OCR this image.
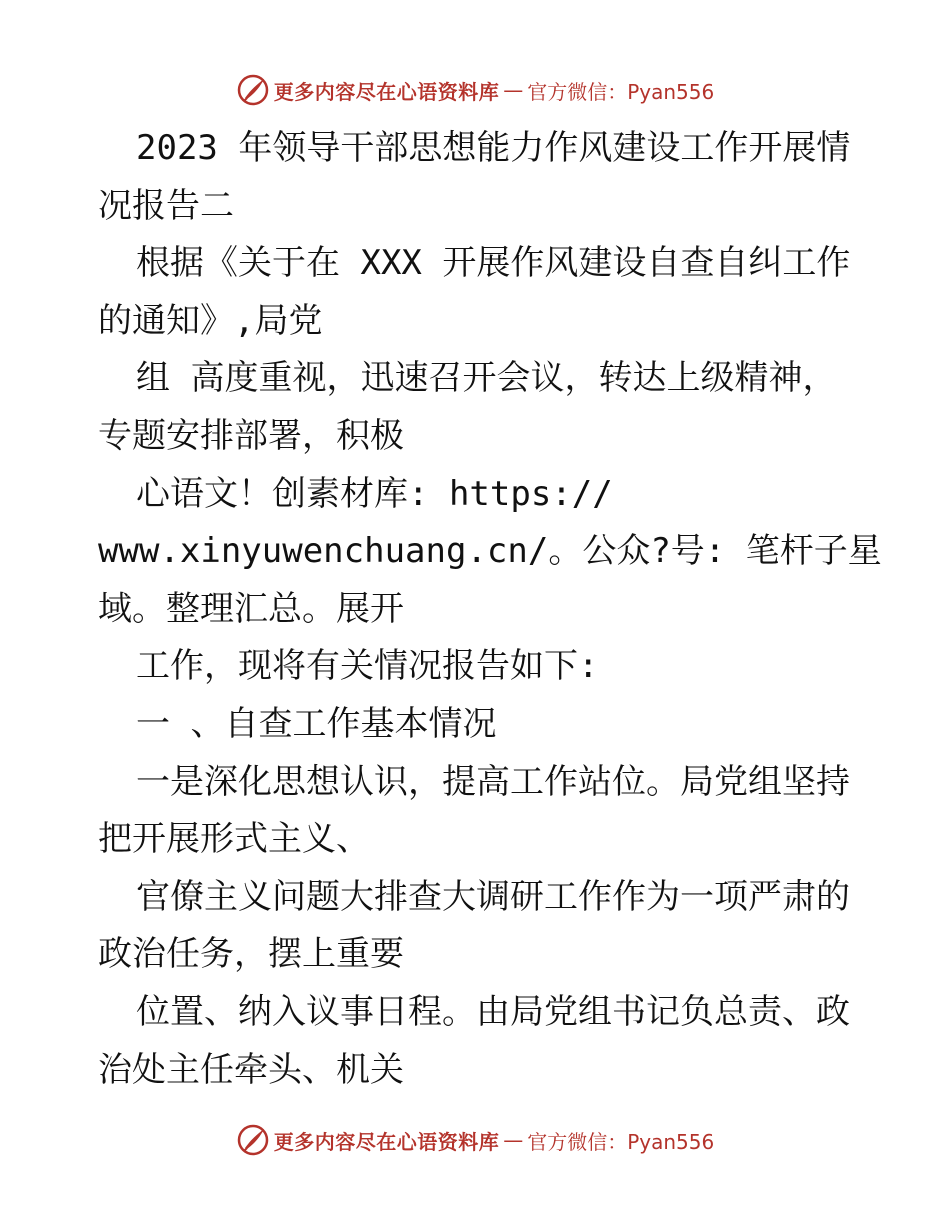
更多内容尽在心语资料库 — 官方微信：Pyan556
2023 年领导干部思想能力作风建设工作开展情
况报告二
根据《关于在 XXX 开展作风建设自查自纠工作
的通知》,局党
组 高度重视，迅速召开会议，转达上级精神，
专题安排部署，积极
心语文！创素材库: https://
www.xinyuwenchuang.cn/。公众?号: 笔杆子星
域。整理汇总。展开
工作，现将有关情况报告如下:
一 、自查工作基本情况
一是深化思想认识，提高工作站位。局党组坚持
把开展形式主义、
官僚主义问题大排查大调研工作作为一项严肃的
政治任务，摆上重要
位置、纳入议事日程。由局党组书记负总责、政
治处主任牵头、机关
更多内容尽在心语资料库 — 官方微信：Pyan556
